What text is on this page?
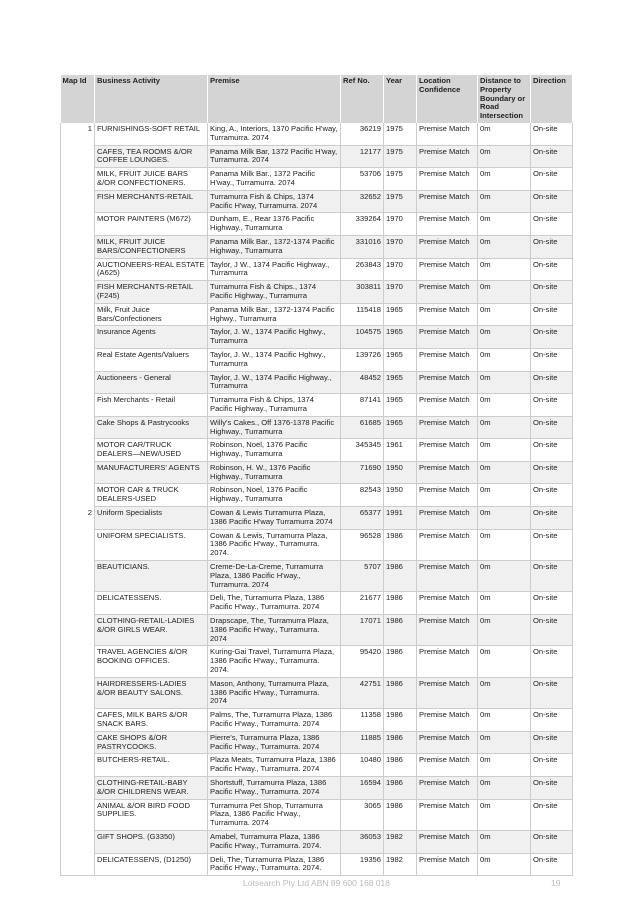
Map Id	Business Activity	Premise	Ref No.	Year	Location Confidence	Distance to Property Boundary or Road Intersection	Direction
1	FURNISHINGS-SOFT RETAIL	King, A., Interiors, 1370 Pacific H'way, Turramurra. 2074	36219	1975	Premise Match	0m	On-site
	CAFES, TEA ROOMS &/OR COFFEE LOUNGES.	Panama Milk Bar, 1372 Pacific H'way, Turramurra. 2074	12177	1975	Premise Match	0m	On-site
	MILK, FRUIT JUICE BARS &/OR CONFECTIONERS.	Panama Milk Bar., 1372 Pacific H'way., Turramurra. 2074	53706	1975	Premise Match	0m	On-site
	FISH MERCHANTS-RETAIL	Turramurra Fish & Chips, 1374 Pacific H'way, Turramurra. 2074	32652	1975	Premise Match	0m	On-site
	MOTOR PAINTERS (M672)	Dunham, E., Rear 1376 Pacific Highway., Turramurra	339264	1970	Premise Match	0m	On-site
	MILK, FRUIT JUICE BARS/CONFECTIONERS	Panama Milk Bar., 1372-1374 Pacific Highway., Turramurra	331016	1970	Premise Match	0m	On-site
	AUCTIONEERS-REAL ESTATE (A625)	Taylor, J W., 1374 Pacific Highway., Turramurra	263843	1970	Premise Match	0m	On-site
	FISH MERCHANTS-RETAIL (F245)	Turramurra Fish & Chips., 1374 Pacific Highway., Turramurra	303811	1970	Premise Match	0m	On-site
	Milk, Fruit Juice Bars/Confectioners	Panama Milk Bar., 1372-1374 Pacific Hghwy., Turramurra	115418	1965	Premise Match	0m	On-site
	Insurance Agents	Taylor, J. W., 1374 Pacific Hghwy., Turramurra	104575	1965	Premise Match	0m	On-site
	Real Estate Agents/Valuers	Taylor, J. W., 1374 Pacific Hghwy., Turramurra	139726	1965	Premise Match	0m	On-site
	Auctioneers - General	Taylor, J. W., 1374 Pacific Highway., Turramurra	48452	1965	Premise Match	0m	On-site
	Fish Merchants - Retail	Turramurra Fish & Chips, 1374 Pacific Highway., Turramurra	87141	1965	Premise Match	0m	On-site
	Cake Shops & Pastrycooks	Willy's Cakes., Off 1376-1378 Pacific Highway., Turramurra	61685	1965	Premise Match	0m	On-site
	MOTOR CAR/TRUCK DEALERS—NEW/USED	Robinson, Noel, 1376 Pacific Highway., Turramurra	345345	1961	Premise Match	0m	On-site
	MANUFACTURERS' AGENTS	Robinson, H. W., 1376 Pacific Highway., Turramurra	71690	1950	Premise Match	0m	On-site
	MOTOR CAR & TRUCK DEALERS-USED	Robinson, Noel, 1376 Pacific Highway., Turramurra	82543	1950	Premise Match	0m	On-site
2	Uniform Specialists	Cowan & Lewis Turramurra Plaza, 1386 Pacific H'way Turramurra 2074	65377	1991	Premise Match	0m	On-site
	UNIFORM SPECIALISTS.	Cowan & Lewis, Turramurra Plaza, 1386 Pacific H'way., Turramurra. 2074.	96528	1986	Premise Match	0m	On-site
	BEAUTICIANS.	Creme-De-La-Creme, Turramurra Plaza, 1386 Pacific H'way., Turramurra. 2074	5707	1986	Premise Match	0m	On-site
	DELICATESSENS.	Deli, The, Turramurra Plaza, 1386 Pacific H'way., Turramurra. 2074	21677	1986	Premise Match	0m	On-site
	CLOTHING-RETAIL-LADIES &/OR GIRLS WEAR.	Drapscape, The, Turramurra Plaza, 1386 Pacific H'way., Turramurra. 2074	17071	1986	Premise Match	0m	On-site
	TRAVEL AGENCIES &/OR BOOKING OFFICES.	Kuring-Gai Travel, Turramurra Plaza, 1386 Pacific H'way., Turramurra. 2074.	95420	1986	Premise Match	0m	On-site
	HAIRDRESSERS-LADIES &/OR BEAUTY SALONS.	Mason, Anthony, Turramurra Plaza, 1386 Pacific H'way., Turramurra. 2074	42751	1986	Premise Match	0m	On-site
	CAFES, MILK BARS &/OR SNACK BARS.	Palms, The, Turramurra Plaza, 1386 Pacific H'way., Turramurra. 2074	11358	1986	Premise Match	0m	On-site
	CAKE SHOPS &/OR PASTRYCOOKS.	Pierre's, Turramurra Plaza, 1386 Pacific H'way., Turramurra. 2074	11885	1986	Premise Match	0m	On-site
	BUTCHERS-RETAIL.	Plaza Meats, Turramurra Plaza, 1386 Pacific H'way., Turramurra. 2074	10480	1986	Premise Match	0m	On-site
	CLOTHING-RETAIL-BABY &/OR CHILDRENS WEAR.	Shortstuff, Turramurra Plaza, 1386 Pacific H'way., Turramurra. 2074	16594	1986	Premise Match	0m	On-site
	ANIMAL &/OR BIRD FOOD SUPPLIES.	Turramurra Pet Shop, Turramurra Plaza, 1386 Pacific H'way., Turramurra. 2074	3065	1986	Premise Match	0m	On-site
	GIFT SHOPS. (G3350)	Amabel, Turramurra Plaza, 1386 Pacific H'way., Turramurra. 2074.	36053	1982	Premise Match	0m	On-site
	DELICATESSENS, (D1250)	Deli, The, Turramurra Plaza, 1386 Pacific H'way., Turramurra. 2074.	19356	1982	Premise Match	0m	On-site
Lotsearch Pty Ltd ABN 89 600 168 018	19
